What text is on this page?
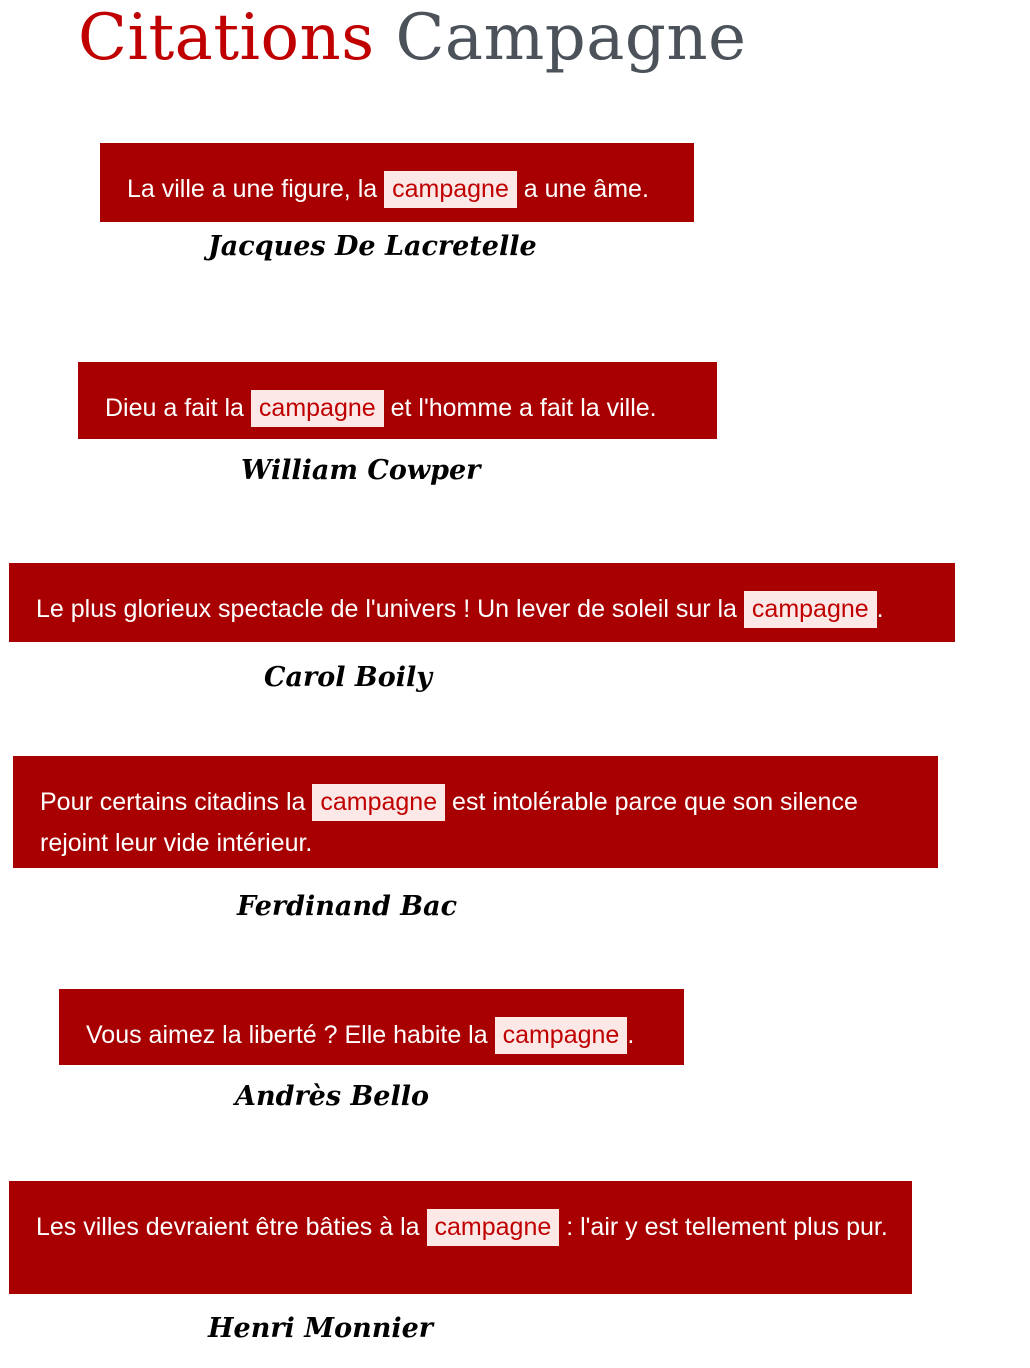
Citations Campagne
La ville a une figure, la campagne a une âme.

Jacques De Lacretelle

Dieu a fait la campagne et l'homme a fait la ville.

William Cowper

Le plus glorieux spectacle de l'univers ! Un lever de soleil sur la campagne .

Carol Boily

Pour certains citadins la campagne est intolérable parce que son silence rejoint leur vide intérieur.

Ferdinand Bac

Vous aimez la liberté ? Elle habite la campagne .

Andrès Bello

Les villes devraient être bâties à la campagne : l'air y est tellement plus pur.

Henri Monnier
